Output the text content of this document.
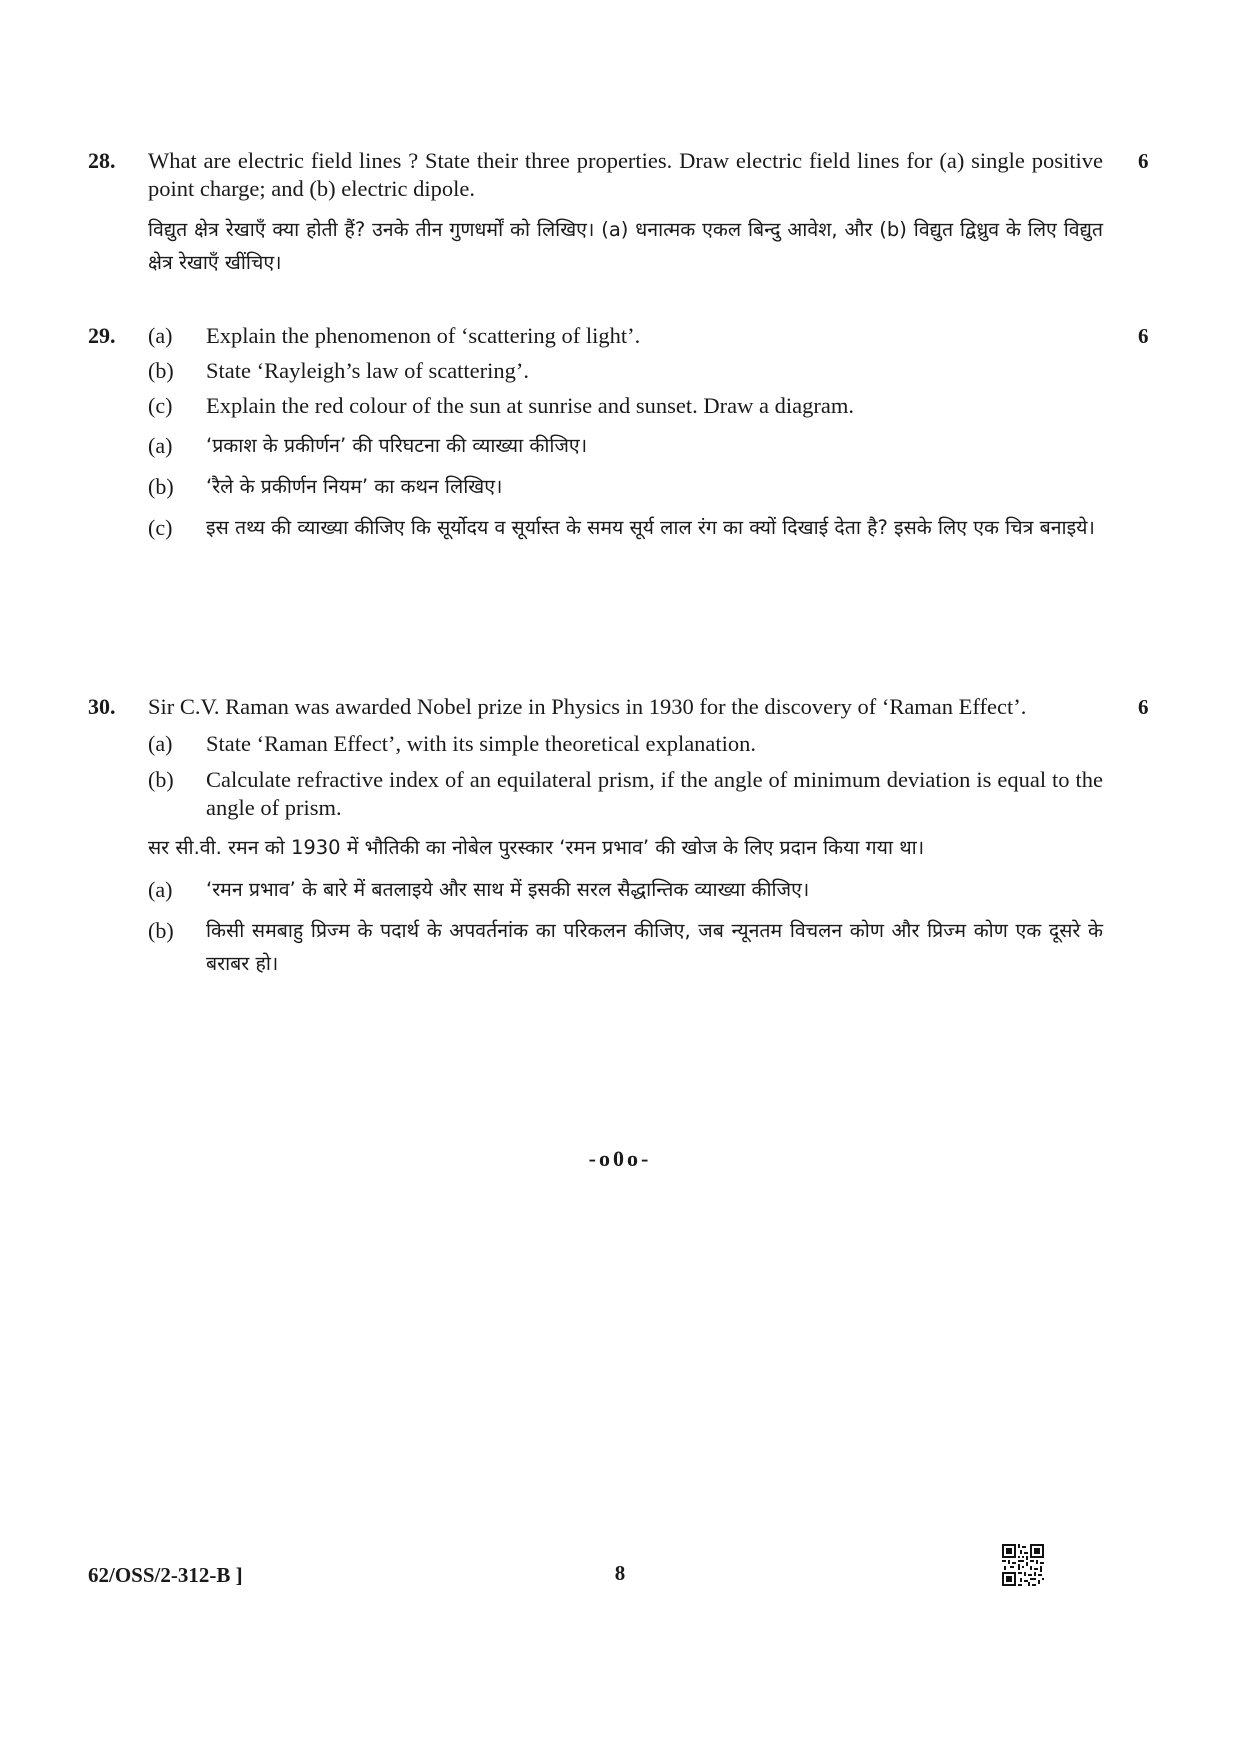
28.	What are electric field lines ? State their three properties. Draw electric field lines for (a) single positive point charge; and (b) electric dipole.

विद्युत क्षेत्र रेखाएँ क्या होती हैं? उनके तीन गुणधर्मों को लिखिए। (a) धनात्मक एकल बिन्दु आवेश, और (b) विद्युत द्विध्रुव के लिए विद्युत क्षेत्र रेखाएँ खींचिए।

6
29.	(a) Explain the phenomenon of ‘scattering of light’.
(b) State ‘Rayleigh’s law of scattering’.
(c) Explain the red colour of the sun at sunrise and sunset. Draw a diagram.
(a) ‘प्रकाश के प्रकीर्णन’ की परिघटना की व्याख्या कीजिए।
(b) ‘रैले के प्रकीर्णन नियम’ का कथन लिखिए।
(c) इस तथ्य की व्याख्या कीजिए कि सूर्योदय व सूर्यास्त के समय सूर्य लाल रंग का क्यों दिखाई देता है? इसके लिए एक चित्र बनाइये।
6
30.	Sir C.V. Raman was awarded Nobel prize in Physics in 1930 for the discovery of ‘Raman Effect’.

(a) State ‘Raman Effect’, with its simple theoretical explanation.
(b) Calculate refractive index of an equilateral prism, if the angle of minimum deviation is equal to the angle of prism.

सर सी.वी. रमन को 1930 में भौतिकी का नोबेल पुरस्कार ‘रमन प्रभाव’ की खोज के लिए प्रदान किया गया था।

(a) ‘रमन प्रभाव’ के बारे में बतलाइये और साथ में इसकी सरल सैद्धान्तिक व्याख्या कीजिए।
(b) किसी समबाहु प्रिज्म के पदार्थ के अपवर्तनांक का परिकलन कीजिए, जब न्यूनतम विचलन कोण और प्रिज्म कोण एक दूसरे के बराबर हो।
6
-o0o-
62/OSS/2-312-B ]	8
